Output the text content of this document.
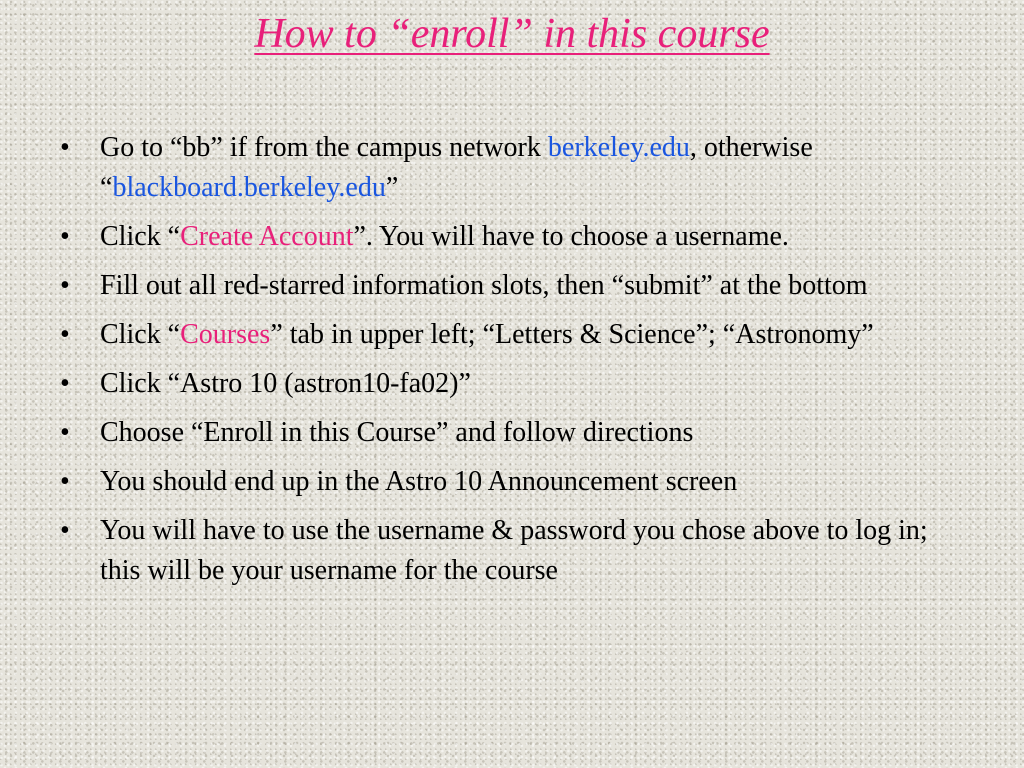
How to “enroll” in this course
•	Go to “bb” if from the campus network berkeley.edu, otherwise “blackboard.berkeley.edu”
•	Click “Create Account”. You will have to choose a username.
•	Fill out all red-starred information slots, then “submit” at the bottom
•	Click “Courses” tab in upper left; “Letters & Science”; “Astronomy”
•	Click “Astro 10 (astron10-fa02)”
•	Choose “Enroll in this Course” and follow directions
•	You should end up in the Astro 10 Announcement screen
•	You will have to use the username & password you chose above to log in; this will be your username for the course
